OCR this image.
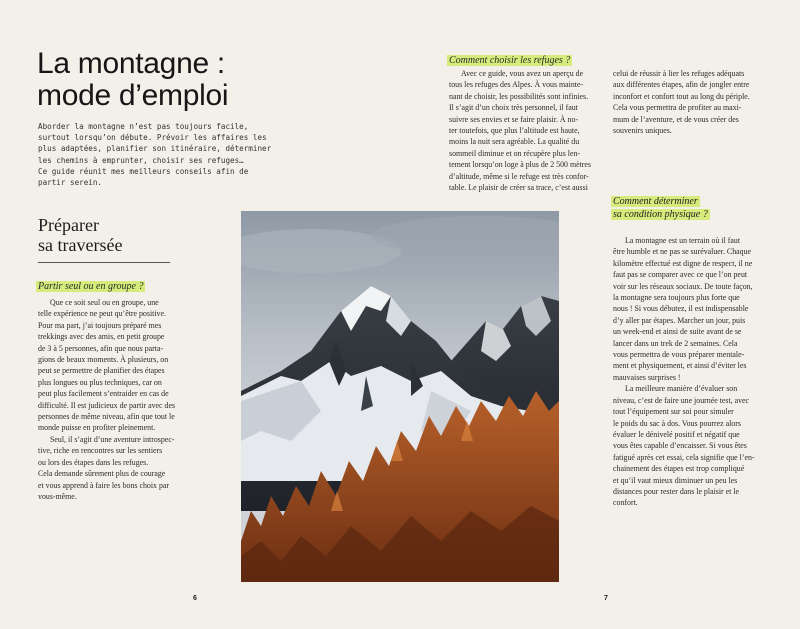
La montagne :
mode d’emploi
Aborder la montagne n’est pas toujours facile,
surtout lorsqu’on débute. Prévoir les affaires les
plus adaptées, planifier son itinéraire, déterminer
les chemins à emprunter, choisir ses refuges…
Ce guide réunit mes meilleurs conseils afin de
partir serein.
Préparer
sa traversée
Partir seul ou en groupe ?
Que ce soit seul ou en groupe, une
telle expérience ne peut qu’être positive.
Pour ma part, j’ai toujours préparé mes
trekkings avec des amis, en petit groupe
de 3 à 5 personnes, afin que nous parta-
gions de beaux moments. À plusieurs, on
peut se permettre de planifier des étapes
plus longues ou plus techniques, car on
peut plus facilement s’entraider en cas de
difficulté. Il est judicieux de partir avec des
personnes de même niveau, afin que tout le
monde puisse en profiter pleinement.
Seul, il s’agit d’une aventure introspec-
tive, riche en rencontres sur les sentiers
ou lors des étapes dans les refuges.
Cela demande sûrement plus de courage
et vous apprend à faire les bons choix par
vous-même.
Comment choisir les refuges ?
Avec ce guide, vous avez un aperçu de
tous les refuges des Alpes. À vous mainte-
nant de choisir, les possibilités sont infinies.
Il s’agit d’un choix très personnel, il faut
suivre ses envies et se faire plaisir. À no-
ter toutefois, que plus l’altitude est haute,
moins la nuit sera agréable. La qualité du
sommeil diminue et on récupère plus len-
tement lorsqu’on loge à plus de 2 500 mètres
d’altitude, même si le refuge est très confor-
table. Le plaisir de créer sa trace, c’est aussi
celui de réussir à lier les refuges adéquats
aux différentes étapes, afin de jongler entre
inconfort et confort tout au long du périple.
Cela vous permettra de profiter au maxi-
mum de l’aventure, et de vous créer des
souvenirs uniques.
Comment déterminer
sa condition physique ?
La montagne est un terrain où il faut
être humble et ne pas se surévaluer. Chaque
kilomètre effectué est digne de respect, il ne
faut pas se comparer avec ce que l’on peut
voir sur les réseaux sociaux. De toute façon,
la montagne sera toujours plus forte que
nous ! Si vous débutez, il est indispensable
d’y aller par étapes. Marcher un jour, puis
un week-end et ainsi de suite avant de se
lancer dans un trek de 2 semaines. Cela
vous permettra de vous préparer mentale-
ment et physiquement, et ainsi d’éviter les
mauvaises surprises !
La meilleure manière d’évaluer son
niveau, c’est de faire une journée test, avec
tout l’équipement sur soi pour simuler
le poids du sac à dos. Vous pourrez alors
évaluer le dénivelé positif et négatif que
vous êtes capable d’encaisser. Si vous êtes
fatigué après cet essai, cela signifie que l’en-
chainement des étapes est trop compliqué
et qu’il vaut mieux diminuer un peu les
distances pour rester dans le plaisir et le
confort.
6	7
